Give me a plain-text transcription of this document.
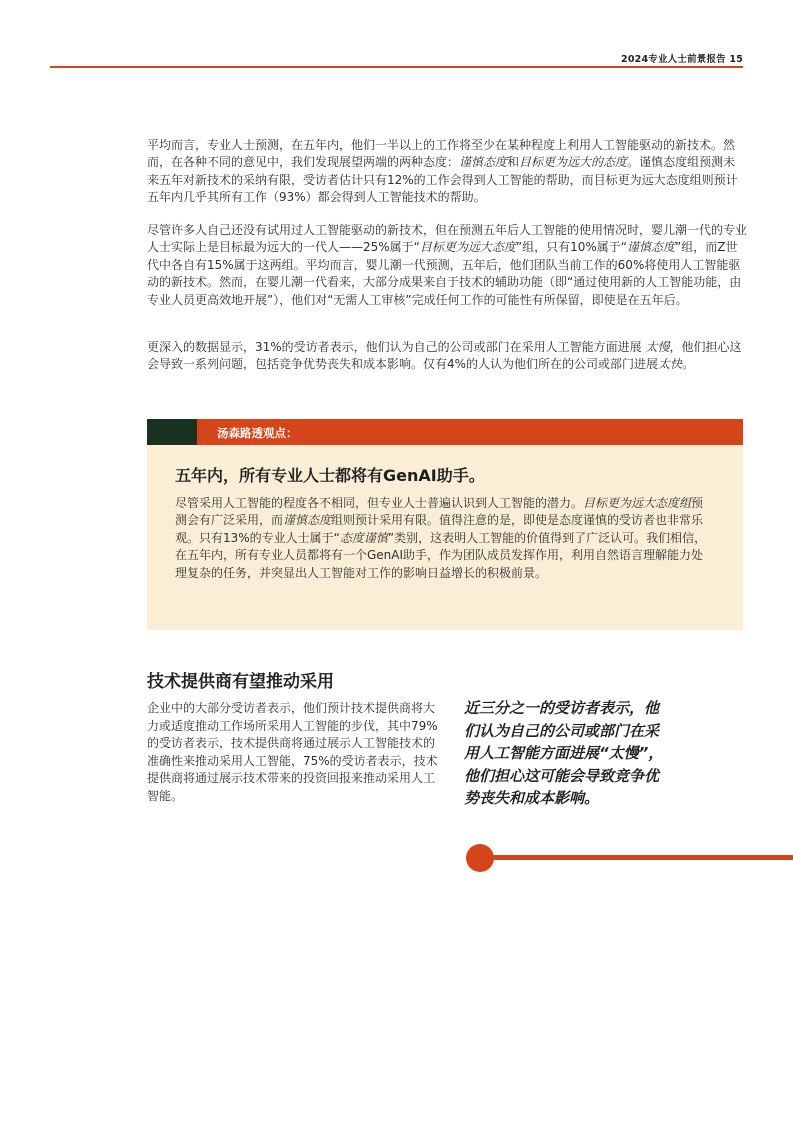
2024专业人士前景报告 15

平均而言，专业人士预测，在五年内，他们一半以上的工作将至少在某种程度上利用人工智能驱动的新技术。然而，在各种不同的意见中，我们发现展望两端的两种态度：谨慎态度和目标更为远大的态度。谨慎态度组预测未来五年对新技术的采纳有限，受访者估计只有12%的工作会得到人工智能的帮助，而目标更为远大态度组则预计五年内几乎其所有工作（93%）都会得到人工智能技术的帮助。

尽管许多人自己还没有试用过人工智能驱动的新技术，但在预测五年后人工智能的使用情况时，婴儿潮一代的专业人士实际上是目标最为远大的一代人——25%属于“目标更为远大态度”组，只有10%属于“谨慎态度”组，而Z世代中各自有15%属于这两组。平均而言，婴儿潮一代预测，五年后，他们团队当前工作的60%将使用人工智能驱动的新技术。然而，在婴儿潮一代看来，大部分成果来自于技术的辅助功能（即“通过使用新的人工智能功能，由专业人员更高效地开展”），他们对“无需人工审核”完成任何工作的可能性有所保留，即使是在五年后。

更深入的数据显示，31%的受访者表示，他们认为自己的公司或部门在采用人工智能方面进展 太慢，他们担心这会导致一系列问题，包括竞争优势丧失和成本影响。仅有4%的人认为他们所在的公司或部门进展太快。

汤森路透观点：
五年内，所有专业人士都将有GenAI助手。

尽管采用人工智能的程度各不相同，但专业人士普遍认识到人工智能的潜力。目标更为远大态度组预测会有广泛采用，而谨慎态度组则预计采用有限。值得注意的是，即使是态度谨慎的受访者也非常乐观。只有13%的专业人士属于“态度谨慎”类别，这表明人工智能的价值得到了广泛认可。我们相信，在五年内，所有专业人员都将有一个GenAI助手，作为团队成员发挥作用，利用自然语言理解能力处理复杂的任务，并突显出人工智能对工作的影响日益增长的积极前景。

技术提供商有望推动采用

企业中的大部分受访者表示，他们预计技术提供商将大力或适度推动工作场所采用人工智能的步伐，其中79%的受访者表示，技术提供商将通过展示人工智能技术的准确性来推动采用人工智能，75%的受访者表示，技术提供商将通过展示技术带来的投资回报来推动采用人工智能。

近三分之一的受访者表示，他们认为自己的公司或部门在采用人工智能方面进展“太慢”，他们担心这可能会导致竞争优势丧失和成本影响。
